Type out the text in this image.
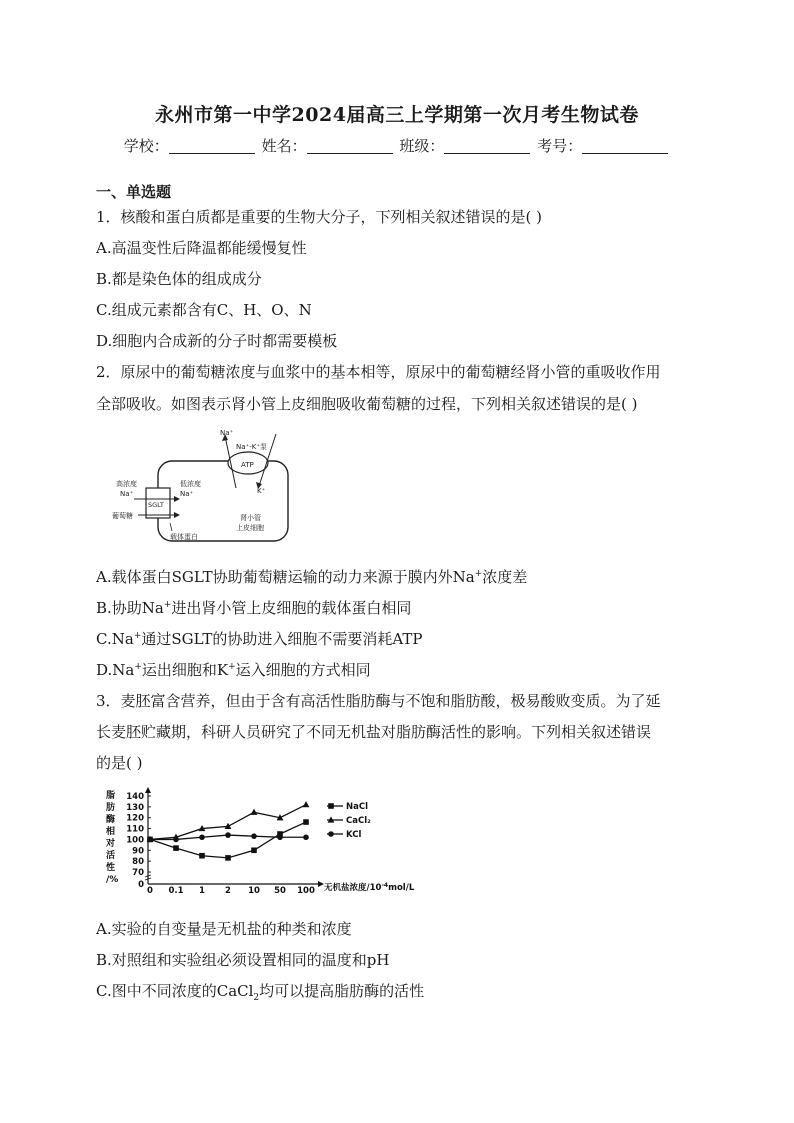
永州市第一中学2024届高三上学期第一次月考生物试卷
学校：	姓名：	班级：	考号：
一、单选题
1．核酸和蛋白质都是重要的生物大分子，下列相关叙述错误的是( )
A.高温变性后降温都能缓慢复性
B.都是染色体的组成成分
C.组成元素都含有C、H、O、N
D.细胞内合成新的分子时都需要模板
2．原尿中的葡萄糖浓度与血浆中的基本相等，原尿中的葡萄糖经肾小管的重吸收作用
全部吸收。如图表示肾小管上皮细胞吸收葡萄糖的过程，下列相关叙述错误的是( )
Na⁺
Na⁺-K⁺泵
ATP
K⁺
SGLT
高浓度
Na⁺
低浓度
Na⁺
葡萄糖
载体蛋白
肾小管
上皮细胞
A.载体蛋白SGLT协助葡萄糖运输的动力来源于膜内外Na+浓度差
B.协助Na+进出肾小管上皮细胞的载体蛋白相同
C.Na+通过SGLT的协助进入细胞不需要消耗ATP
D.Na+运出细胞和K+运入细胞的方式相同
3．麦胚富含营养，但由于含有高活性脂肪酶与不饱和脂肪酸，极易酸败变质。为了延
长麦胚贮藏期，科研人员研究了不同无机盐对脂肪酶活性的影响。下列相关叙述错误
的是( )
脂
肪
酶
相
对
活
性
/% 0
70
80
90
100
110
120
130
140
0 0.1 1 2 10 50 100
NaCl
CaCl₂
KCl
无机盐浓度$/10^{-4}mol/L$
A.实验的自变量是无机盐的种类和浓度
B.对照组和实验组必须设置相同的温度和pH
C.图中不同浓度的CaCl$_2$均可以提高脂肪酶的活性
